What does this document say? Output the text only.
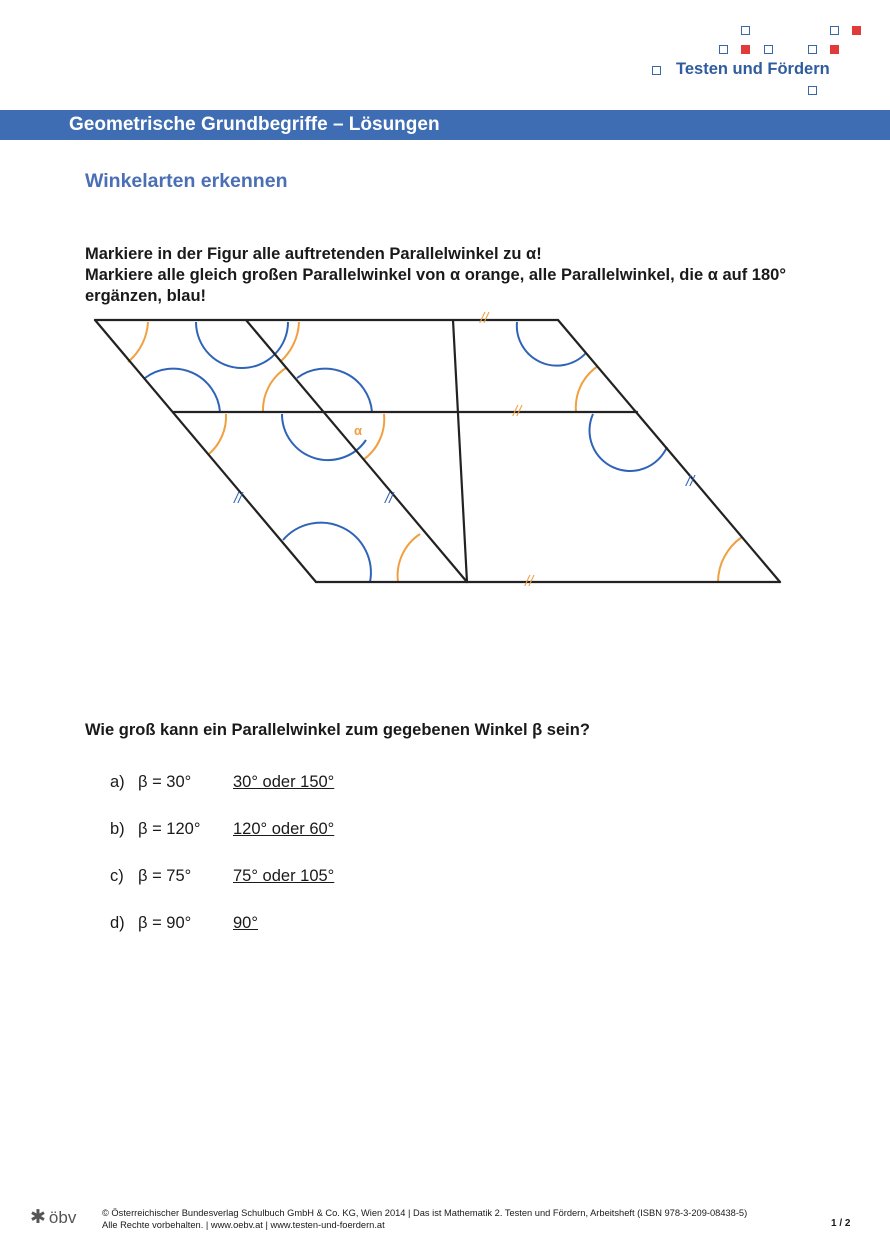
Testen und Fördern
Geometrische Grundbegriffe – Lösungen
Winkelarten erkennen
Markiere in der Figur alle auftretenden Parallelwinkel zu α!
Markiere alle gleich großen Parallelwinkel von α orange, alle Parallelwinkel, die α auf 180° ergänzen, blau!
//
//
//
//	//
//
α
Wie groß kann ein Parallelwinkel zum gegebenen Winkel β sein?
a) β = 30°	30° oder 150°
b) β = 120° 120° oder 60°
c) β = 75°	75° oder 105°
d) β = 90°	90°
✱ öbv	© Österreichischer Bundesverlag Schulbuch GmbH & Co. KG, Wien 2014 | Das ist Mathematik 2. Testen und Fördern, Arbeitsheft (ISBN 978-3-209-08438-5)
Alle Rechte vorbehalten. | www.oebv.at | www.testen-und-foerdern.at	1 / 2
